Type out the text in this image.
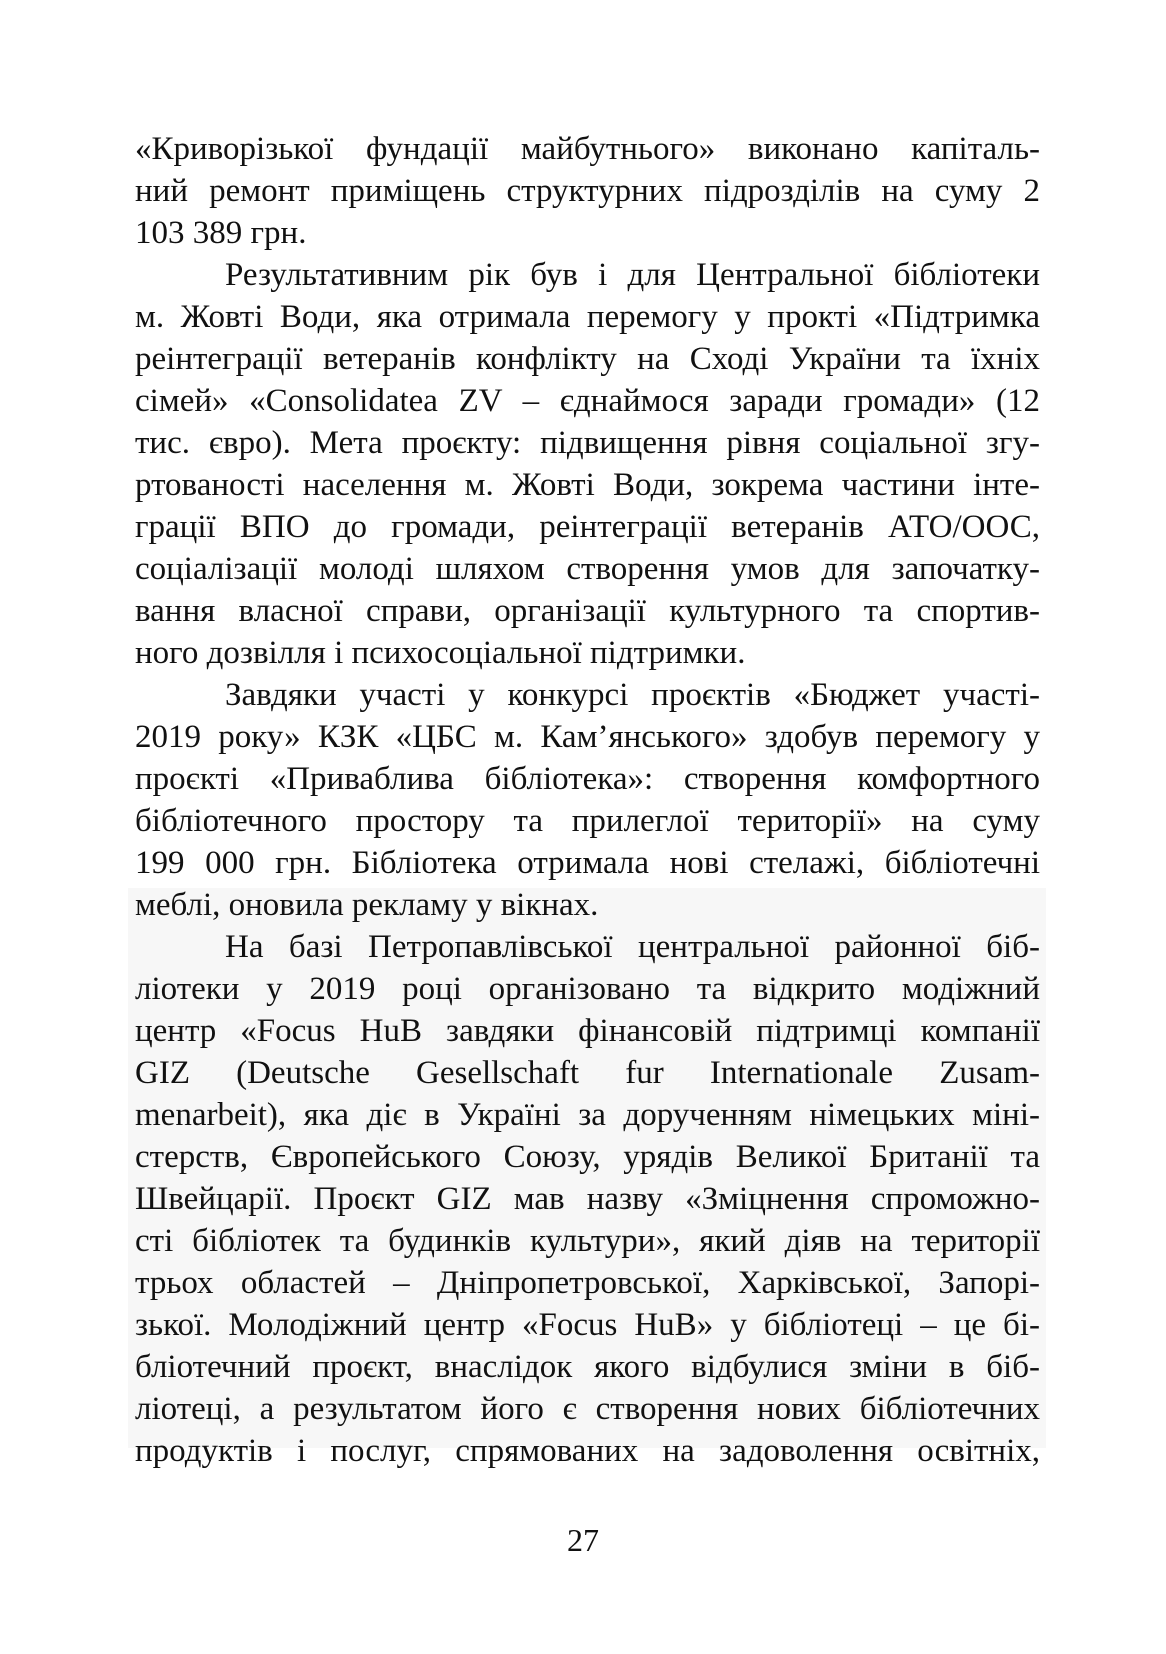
«Криворізької фундації майбутнього» виконано капіталь-
ний ремонт приміщень структурних підрозділів на суму 2
103 389 грн.
Результативним рік був і для Центральної бібліотеки
м. Жовті Води, яка отримала перемогу у прокті «Підтримка
реінтеграції ветеранів конфлікту на Сході України та їхніх
сімей» «Consolidatea ZV – єднаймося заради громади» (12
тис. євро). Мета проєкту: підвищення рівня соціальної згу-
ртованості населення м. Жовті Води, зокрема частини інте-
грації ВПО до громади, реінтеграції ветеранів АТО/ООС,
соціалізації молоді шляхом створення умов для започатку-
вання власної справи, організації культурного та спортив-
ного дозвілля і психосоціальної підтримки.
Завдяки участі у конкурсі проєктів «Бюджет участі-
2019 року» КЗК «ЦБС м. Кам’янського» здобув перемогу у
проєкті «Приваблива бібліотека»: створення комфортного
бібліотечного простору та прилеглої території» на суму
199 000 грн. Бібліотека отримала нові стелажі, бібліотечні
меблі, оновила рекламу у вікнах.
На базі Петропавлівської центральної районної біб-
ліотеки у 2019 році організовано та відкрито модіжний
центр «Focus HuB завдяки фінансовій підтримці компанії
GIZ (Deutsche Gesellschaft fur Internationale Zusam-
menarbeit), яка діє в Україні за дорученням німецьких міні-
стерств, Європейського Союзу, урядів Великої Британії та
Швейцарії. Проєкт GIZ мав назву «Зміцнення спроможно-
сті бібліотек та будинків культури», який діяв на території
трьох областей – Дніпропетровської, Харківської, Запорі-
зької. Молодіжний центр «Focus HuB» у бібліотеці – це бі-
бліотечний проєкт, внаслідок якого відбулися зміни в біб-
ліотеці, а результатом його є створення нових бібліотечних
продуктів і послуг, спрямованих на задоволення освітніх,
27
